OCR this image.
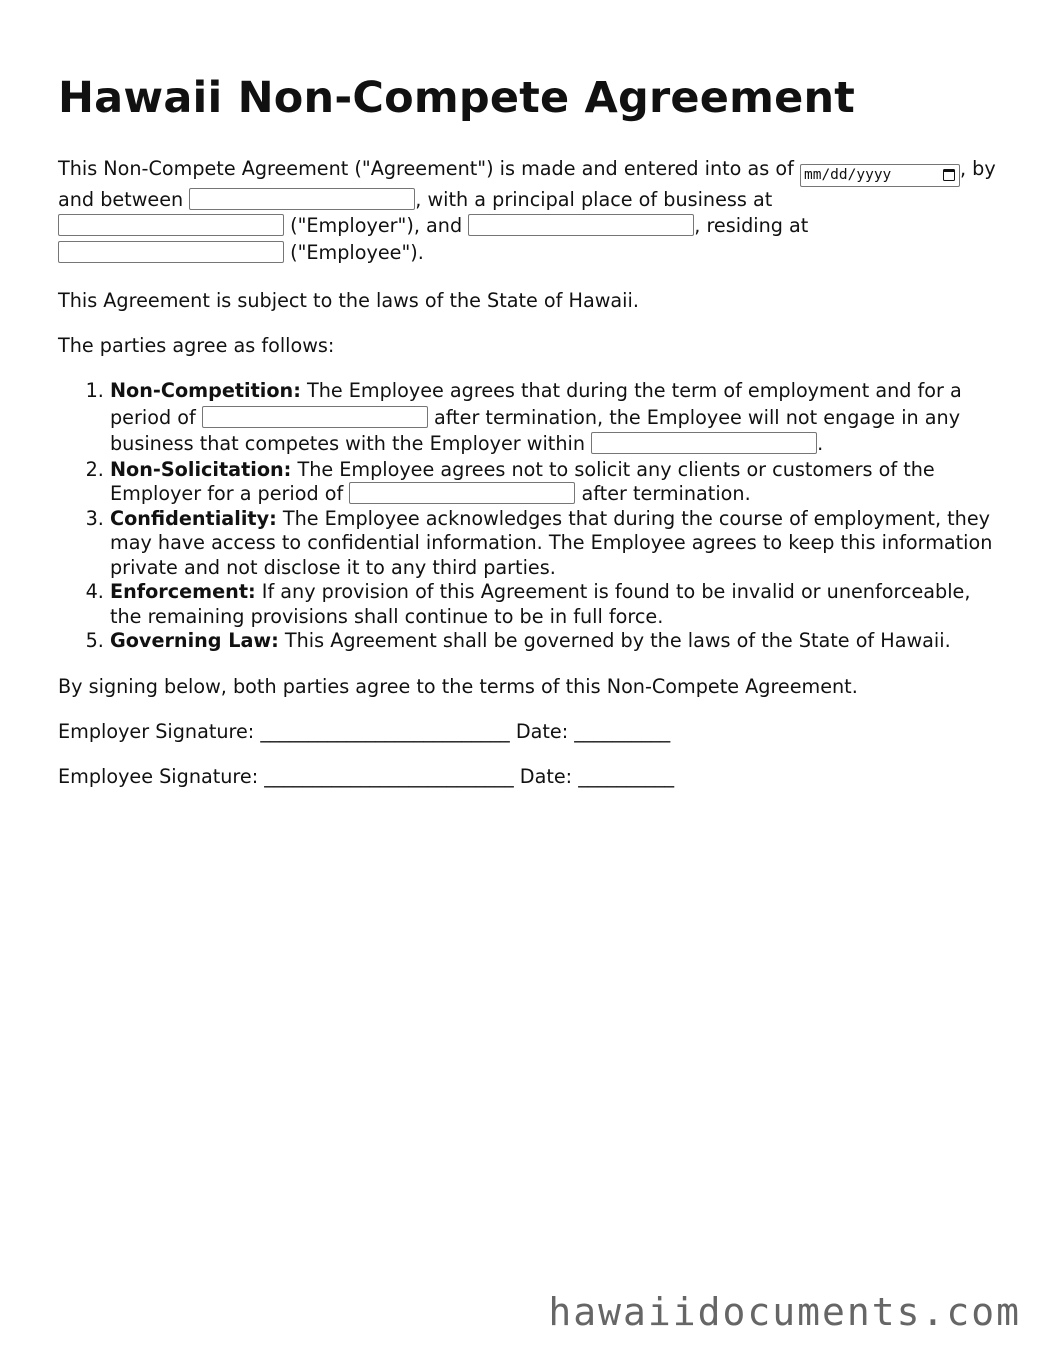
Hawaii Non-Compete Agreement

This Non-Compete Agreement ("Agreement") is made and entered into as of mm/dd/yyyy	, by and between	, with a principal place of business at  ("Employer"), and	, residing at  ("Employee").

This Agreement is subject to the laws of the State of Hawaii.

The parties agree as follows:

1. Non-Competition: The Employee agrees that during the term of employment and for a period of	after termination, the Employee will not engage in any business that competes with the Employer within	.
2. Non-Solicitation: The Employee agrees not to solicit any clients or customers of the Employer for a period of	after termination.
3. Confidentiality: The Employee acknowledges that during the course of employment, they may have access to confidential information. The Employee agrees to keep this information private and not disclose it to any third parties.
4. Enforcement: If any provision of this Agreement is found to be invalid or unenforceable, the remaining provisions shall continue to be in full force.
5. Governing Law: This Agreement shall be governed by the laws of the State of Hawaii.

By signing below, both parties agree to the terms of this Non-Compete Agreement.

Employer Signature: __________________________ Date: __________

Employee Signature: __________________________ Date: __________

hawaiidocuments.com
